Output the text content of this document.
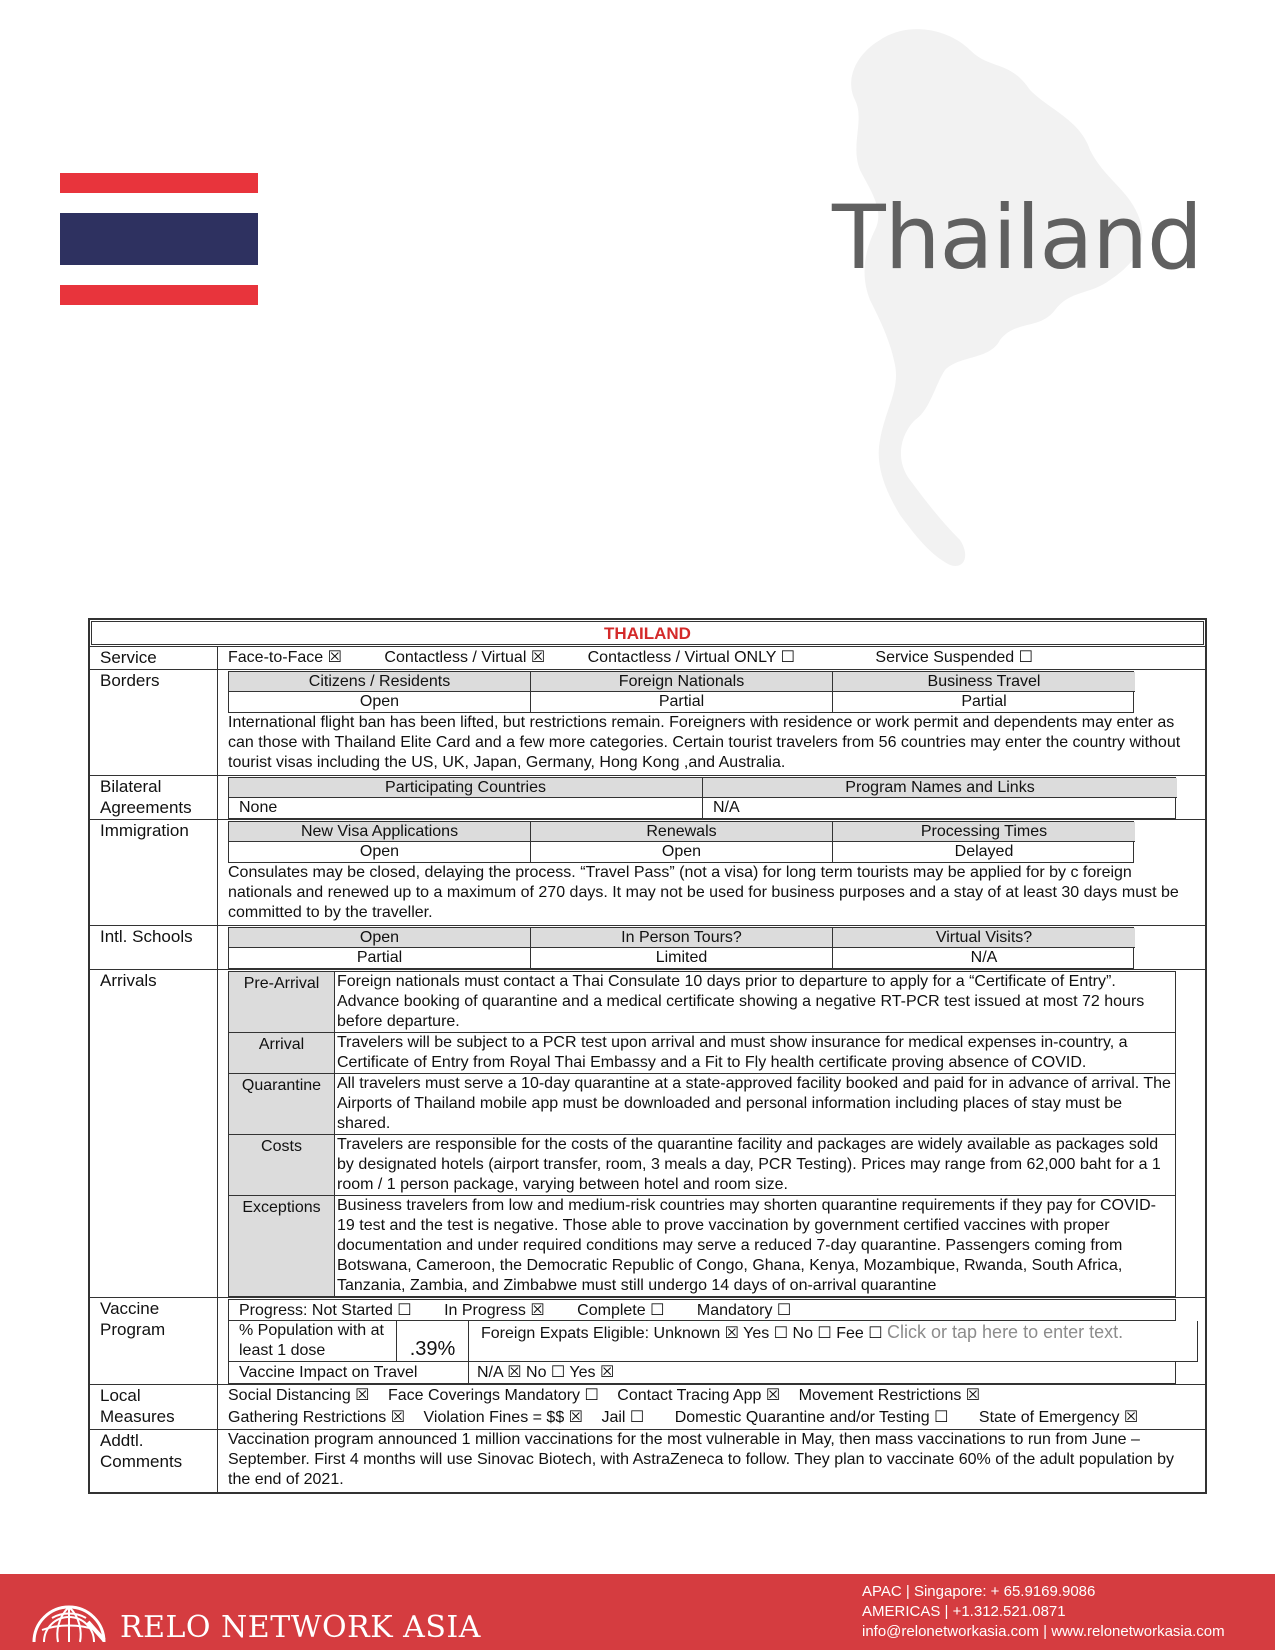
Thailand
THAILAND
Service	Face-to-Face ☒	Contactless / Virtual ☒	Contactless / Virtual ONLY ☐	Service Suspended ☐
Borders	Citizens / Residents	Foreign Nationals	Business Travel
Open	Partial	Partial
International flight ban has been lifted, but restrictions remain. Foreigners with residence or work permit and dependents may enter as can those with Thailand Elite Card and a few more categories. Certain tourist travelers from 56 countries may enter the country without tourist visas including the US, UK, Japan, Germany, Hong Kong ,and Australia.
Bilateral
Agreements
Participating Countries	Program Names and Links
None	N/A
Immigration	New Visa Applications	Renewals	Processing Times
Open	Open	Delayed
Consulates may be closed, delaying the process. “Travel Pass” (not a visa) for long term tourists may be applied for by c foreign nationals and renewed up to a maximum of 270 days. It may not be used for business purposes and a stay of at least 30 days must be committed to by the traveller.
Intl. Schools	Open	In Person Tours?	Virtual Visits?
Partial	Limited	N/A
Arrivals	Pre-Arrival	Foreign nationals must contact a Thai Consulate 10 days prior to departure to apply for a “Certificate of Entry”. Advance booking of quarantine and a medical certificate showing a negative RT-PCR test issued at most 72 hours before departure.
Arrival	Travelers will be subject to a PCR test upon arrival and must show insurance for medical expenses in-country, a Certificate of Entry from Royal Thai Embassy and a Fit to Fly health certificate proving absence of COVID.
Quarantine All travelers must serve a 10-day quarantine at a state-approved facility booked and paid for in advance of arrival. The Airports of Thailand mobile app must be downloaded and personal information including places of stay must be shared.
Costs	Travelers are responsible for the costs of the quarantine facility and packages are widely available as packages sold by designated hotels (airport transfer, room, 3 meals a day, PCR Testing). Prices may range from 62,000 baht for a 1 room / 1 person package, varying between hotel and room size.
Exceptions	Business travelers from low and medium-risk countries may shorten quarantine requirements if they pay for COVID-19 test and the test is negative. Those able to prove vaccination by government certified vaccines with proper documentation and under required conditions may serve a reduced 7-day quarantine. Passengers coming from Botswana, Cameroon, the Democratic Republic of Congo, Ghana, Kenya, Mozambique, Rwanda, South Africa, Tanzania, Zambia, and Zimbabwe must still undergo 14 days of on-arrival quarantine
Vaccine
Program
Progress: Not Started ☐ In Progress ☒ Complete ☐ Mandatory ☐
% Population with at least 1 dose	.39%
Foreign Expats Eligible: Unknown ☒ Yes ☐ No ☐ Fee ☐ Click or tap here to enter text.
Vaccine Impact on Travel	N/A ☒ No ☐ Yes ☒
Local
Measures
Social Distancing ☒ Face Coverings Mandatory ☐ Contact Tracing App ☒ Movement Restrictions ☒
Gathering Restrictions ☒ Violation Fines = $$ ☒ Jail ☐ Domestic Quarantine and/or Testing ☐ State of Emergency ☒
Addtl.
Comments
Vaccination program announced 1 million vaccinations for the most vulnerable in May, then mass vaccinations to run from June – September. First 4 months will use Sinovac Biotech, with AstraZeneca to follow. They plan to vaccinate 60% of the adult population by the end of 2021.
RELO NETWORK ASIA
APAC | Singapore: + 65.9169.9086
AMERICAS | +1.312.521.0871
info@relonetworkasia.com | www.relonetworkasia.com
